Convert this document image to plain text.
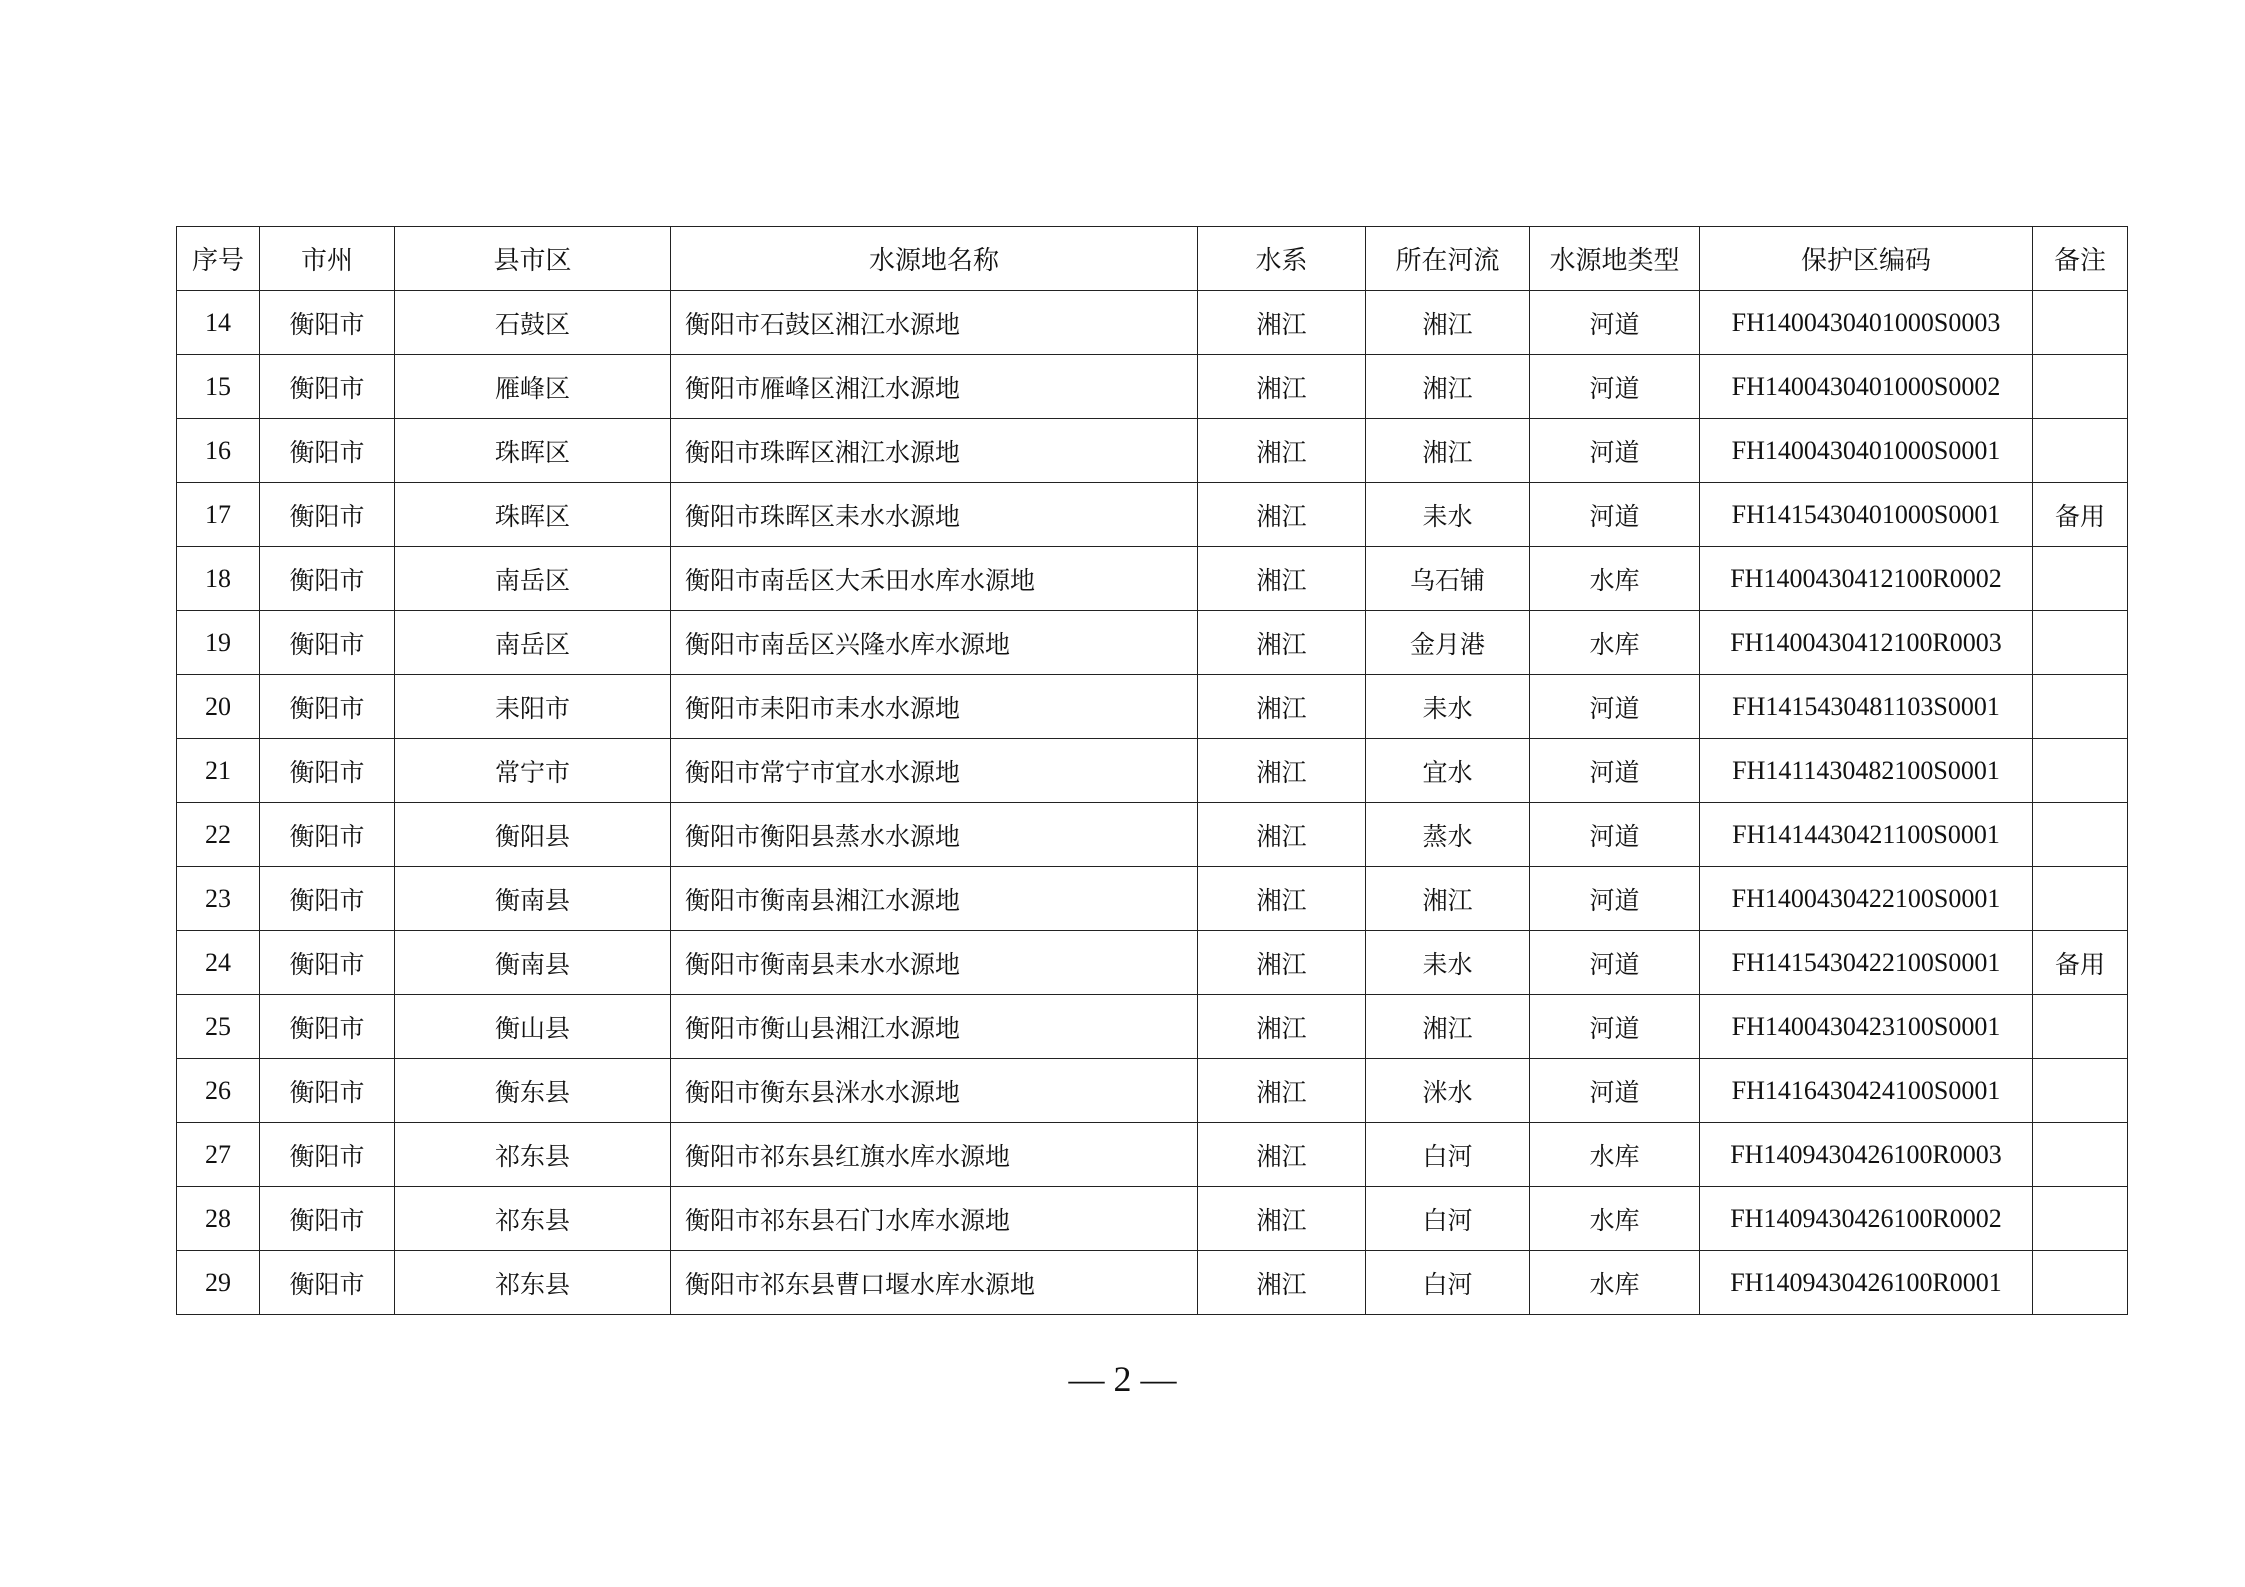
序号	市州	县市区	水源地名称	水系	所在河流	水源地类型	保护区编码	备注
14	衡阳市	石鼓区	衡阳市石鼓区湘江水源地	湘江	湘江	河道	FH1400430401000S0003	
15	衡阳市	雁峰区	衡阳市雁峰区湘江水源地	湘江	湘江	河道	FH1400430401000S0002	
16	衡阳市	珠晖区	衡阳市珠晖区湘江水源地	湘江	湘江	河道	FH1400430401000S0001	
17	衡阳市	珠晖区	衡阳市珠晖区耒水水源地	湘江	耒水	河道	FH1415430401000S0001	备用
18	衡阳市	南岳区	衡阳市南岳区大禾田水库水源地	湘江	乌石铺	水库	FH1400430412100R0002	
19	衡阳市	南岳区	衡阳市南岳区兴隆水库水源地	湘江	金月港	水库	FH1400430412100R0003	
20	衡阳市	耒阳市	衡阳市耒阳市耒水水源地	湘江	耒水	河道	FH1415430481103S0001	
21	衡阳市	常宁市	衡阳市常宁市宜水水源地	湘江	宜水	河道	FH1411430482100S0001	
22	衡阳市	衡阳县	衡阳市衡阳县蒸水水源地	湘江	蒸水	河道	FH1414430421100S0001	
23	衡阳市	衡南县	衡阳市衡南县湘江水源地	湘江	湘江	河道	FH1400430422100S0001	
24	衡阳市	衡南县	衡阳市衡南县耒水水源地	湘江	耒水	河道	FH1415430422100S0001	备用
25	衡阳市	衡山县	衡阳市衡山县湘江水源地	湘江	湘江	河道	FH1400430423100S0001	
26	衡阳市	衡东县	衡阳市衡东县洣水水源地	湘江	洣水	河道	FH1416430424100S0001	
27	衡阳市	祁东县	衡阳市祁东县红旗水库水源地	湘江	白河	水库	FH1409430426100R0003	
28	衡阳市	祁东县	衡阳市祁东县石门水库水源地	湘江	白河	水库	FH1409430426100R0002	
29	衡阳市	祁东县	衡阳市祁东县曹口堰水库水源地	湘江	白河	水库	FH1409430426100R0001	
— 2 —
